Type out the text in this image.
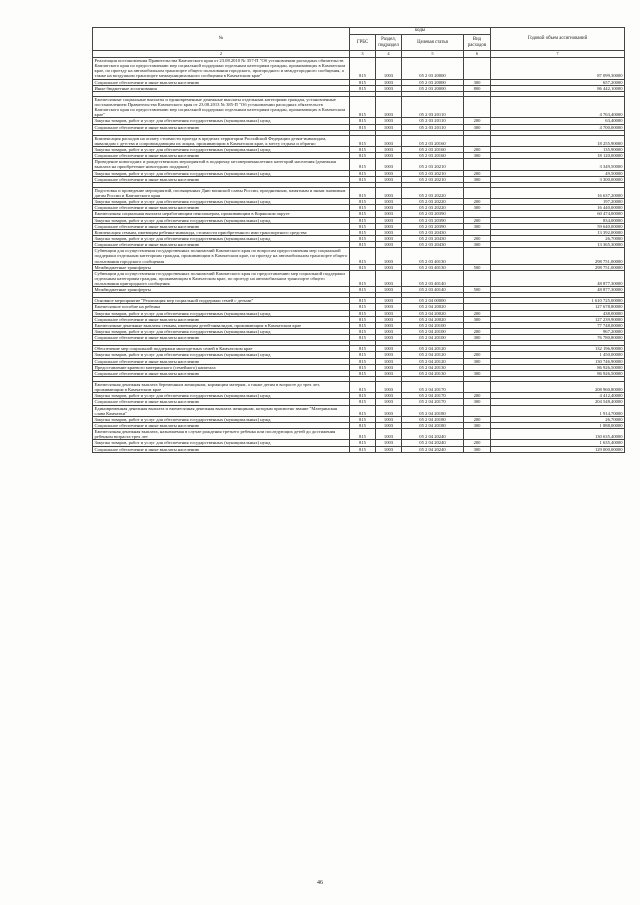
№	коды				Годовой объем ассигнований
	ГРБС	Раздел, подраздел	Целевая статья	Вид расходов	
2	3	4	5	6	7
Реализация постановления Правительства Камчатского края от 23.08.2010 № 357-П "Об установлении расходных обязательств Камчатского края по предоставлению мер социальной поддержки отдельным категориям граждан, проживающих в Камчатском крае, по проезду на автомобильном транспорте общего пользования городского, пригородного и междугородного сообщения, а также на воздушном транспорте межмуниципального сообщения в Камчатском крае"	815	1003	05 2 03 20000		87 099,30000
Социальное обеспечение и иные выплаты населению	815	1003	05 2 03 20000	300	657,20000
Иные бюджетные ассигнования	815	1003	05 2 03 20000	800	86 442,10000

Ежемесячные социальные выплаты и единовременные денежные выплаты отдельным категориям граждан, установленные постановлением Правительства Камчатского края от 23.08.2013 № 385-П "Об установлении расходных обязательств Камчатского края по предоставлению мер социальной поддержки отдельным категориям граждан, проживающих в Камчатском крае"	815	1003	05 2 03 20110		4 763,40000
Закупка товаров, работ и услуг для обеспечения государственных (муниципальных) нужд	815	1003	05 2 03 20110	200	63,40000
Социальное обеспечение и иные выплаты населению	815	1003	05 2 03 20110	300	4 700,00000

Компенсация расходов на оплату стоимости проезда в пределах территории Российской Федерации детям-инвалидам, инвалидам с детства и сопровождающим их лицам, проживающим в Камчатском крае, к месту отдыха и обратно	815	1003	05 2 03 20160		18 255,90000
Закупка товаров, работ и услуг для обеспечения государственных (муниципальных) нужд	815	1003	05 2 03 20160	200	135,90000
Социальное обеспечение и иные выплаты населению	815	1003	05 2 03 20160	300	18 120,00000
Проведение новогодних и рождественских мероприятий в подарочку несовершеннолетних категорий населения (денежная выплата на приобретение новогодних подарков)	815	1003	05 2 03 20210		3 349,50000
Закупка товаров, работ и услуг для обеспечения государственных (муниципальных) нужд	815	1003	05 2 03 20210	200	49,50000
Социальное обеспечение и иные выплаты населению	815	1003	05 2 03 20210	300	3 300,00000

Подготовка и проведение мероприятий, посвященных Дню воинской славы России, праздничным, памятным и иным значимым датам России и Камчатского края	815	1003	05 2 03 20220		16 637,20000
Закупка товаров, работ и услуг для обеспечения государственных (муниципальных) нужд	815	1003	05 2 03 20220	200	197,20000
Социальное обеспечение и иные выплаты населению	815	1003	05 2 03 20220	300	16 440,00000
Ежемесячная социальная выплата неработающим пенсионерам, проживающим в Корякском округе	815	1003	05 2 03 20390		60 474,00000
Закупка товаров, работ и услуг для обеспечения государственных (муниципальных) нужд	815	1003	05 2 03 20390	200	834,00000
Социальное обеспечение и иные выплаты населению	815	1003	05 2 03 20390	300	59 640,00000
Компенсация семьям, имеющим ребенка-инвалида, стоимости приобретенного ими транспортного средства	815	1003	05 2 03 20430		13 392,00000
Закупка товаров, работ и услуг для обеспечения государственных (муниципальных) нужд	815	1003	05 2 03 20430	200	26,70000
Социальное обеспечение и иные выплаты населению	815	1003	05 2 03 20430	300	13 365,30000
Субвенции для осуществления государственных полномочий Камчатского края по вопросам предоставления мер социальной поддержки отдельным категориям граждан, проживающим в Камчатском крае, по проезду на автомобильном транспорте общего пользования городского сообщения	815	1003	05 2 03 40130		298 751,00000
Межбюджетные трансферты	815	1003	05 2 03 40130	500	298 751,00000
Субвенции для осуществления государственных полномочий Камчатского края по предоставлению мер социальной поддержки отдельным категориям граждан, проживающим в Камчатском крае, по проезду на автомобильном транспорте общего пользования пригородного сообщения	815	1003	05 2 03 40140		48 877,30000
Межбюджетные трансферты	815	1003	05 2 03 40140	500	48 877,30000

Основное мероприятие "Реализация мер социальной поддержки семей с детьми"	815	1003	05 2 04 00000		1 610 725,00000
Ежемесячное пособие на ребенка	815	1003	05 2 04 20020		127 678,80000
Закупка товаров, работ и услуг для обеспечения государственных (муниципальных) нужд	815	1003	05 2 04 20020	200	438,00000
Социальное обеспечение и иные выплаты населению	815	1003	05 2 04 20020	300	127 239,90000
Ежемесячные денежные выплаты семьям, имеющим детей-инвалидов, проживающим в Камчатском крае	815	1003	05 2 04 20100		77 748,00000
Закупка товаров, работ и услуг для обеспечения государственных (муниципальных) нужд	815	1003	05 2 04 20100	200	967,20000
Социальное обеспечение и иные выплаты населению	815	1003	05 2 04 20100	300	76 780,80000

Обеспечение мер социальной поддержки многодетных семей в Камчатском крае	815	1003	05 2 04 20120		132 196,90000
Закупка товаров, работ и услуг для обеспечения государственных (муниципальных) нужд	815	1003	05 2 04 20120	200	1 450,00000
Социальное обеспечение и иные выплаты населению	815	1003	05 2 04 20120	300	130 746,90000
Предоставление краевого материнского (семейного) капитала	815	1003	05 2 04 20130		86 926,50000
Социальное обеспечение и иные выплаты населению	815	1003	05 2 04 20130	300	86 926,50000

Ежемесячная денежная выплата беременным женщинам, кормящим матерям, а также детям в возрасте до трех лет, проживающим в Камчатском крае	815	1003	05 2 04 20170		208 960,80000
Закупка товаров, работ и услуг для обеспечения государственных (муниципальных) нужд	815	1003	05 2 04 20170	200	4 412,40000
Социальное обеспечение и иные выплаты населению	815	1003	05 2 04 20170	300	204 548,40000
Единовременная денежная выплата и ежемесячная денежная выплата женщинам, которым присвоено звание "Материнская слава Камчатки"	815	1003	05 2 04 20180		1 914,70000
Закупка товаров, работ и услуг для обеспечения государственных (муниципальных) нужд	815	1003	05 2 04 20180	200	26,70000
Социальное обеспечение и иные выплаты населению	815	1003	05 2 04 20180	300	1 888,00000
Ежемесячная денежная выплата, назначаемая в случае рождения третьего ребенка или последующих детей до достижения ребенком возраста трех лет	815	1003	05 2 04 20240		130 635,40000
Закупка товаров, работ и услуг для обеспечения государственных (муниципальных) нужд	815	1003	05 2 04 20240	200	1 635,40000
Социальное обеспечение и иные выплаты населению	815	1003	05 2 04 20240	300	129 000,00000
46
